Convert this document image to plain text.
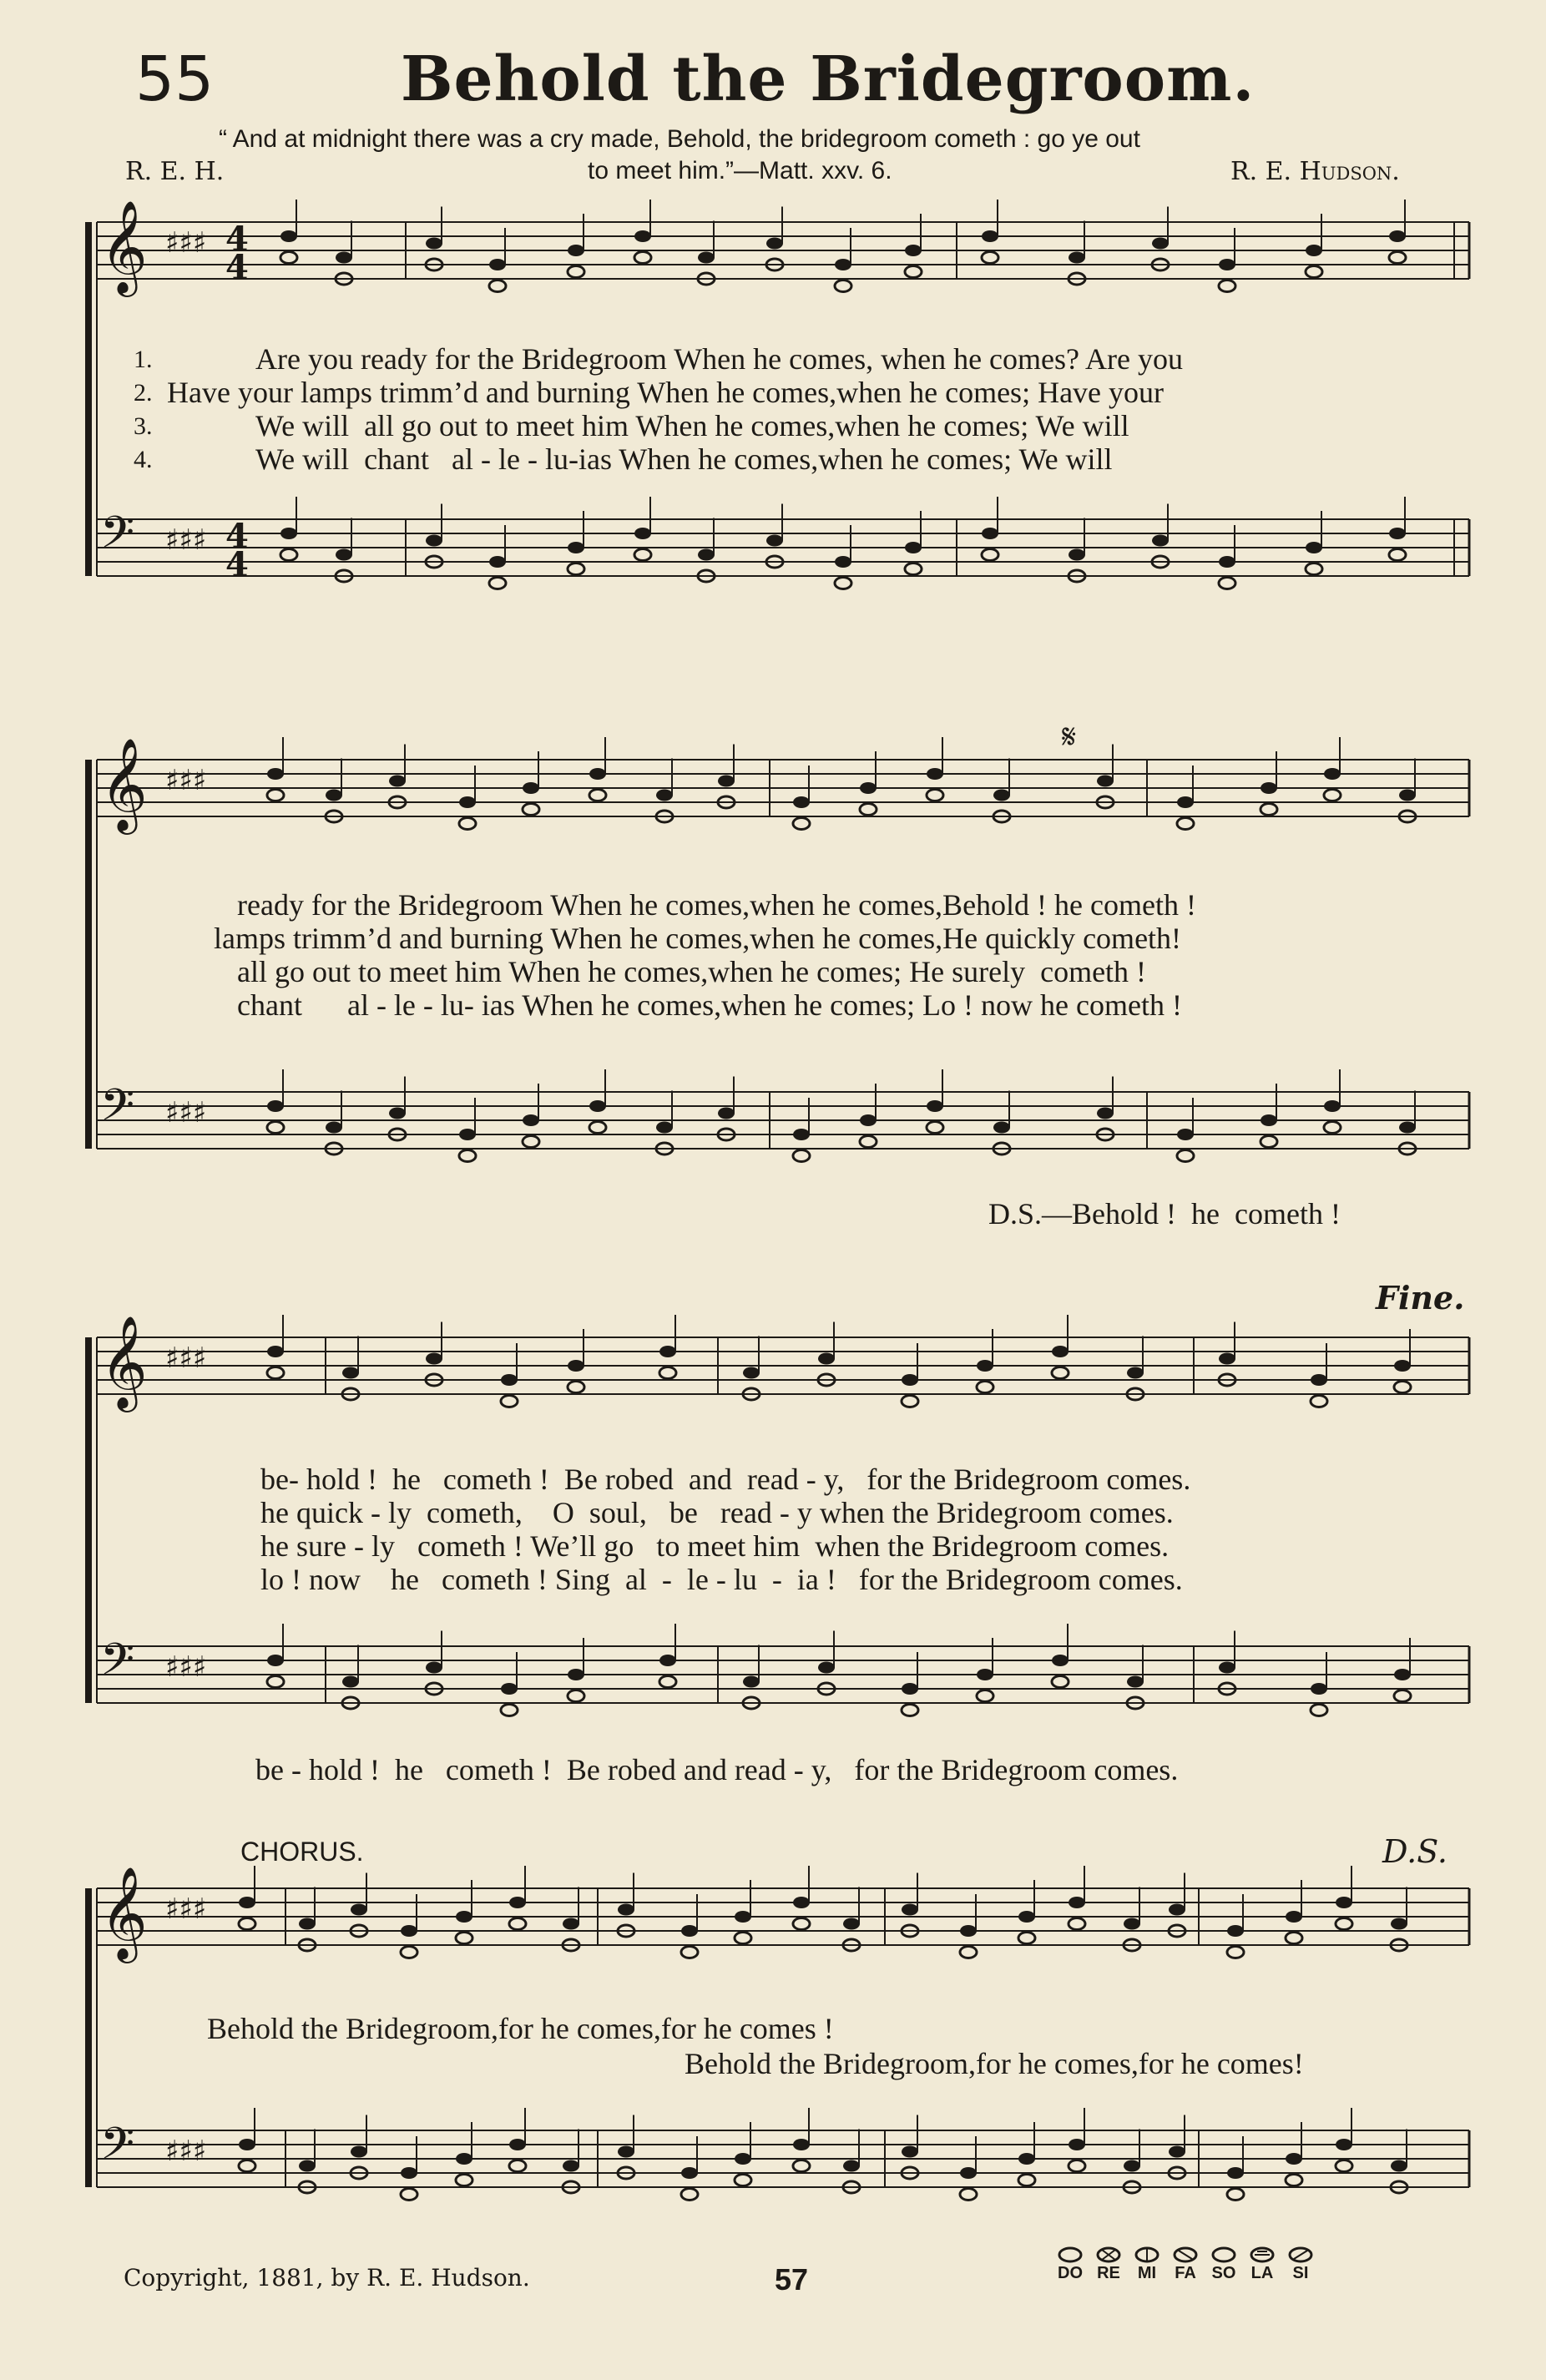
55	Behold the Bridegroom.
“ And at midnight there was a cry made, Behold, the bridegroom cometh : go ye out
R. E. H.	to meet him.”—Matt. xxv. 6.	R. E. Hudson.
𝄞 ♯♯♯
𝄢 ♯♯♯
𝄞 ♯♯♯
𝄢 ♯♯♯
𝄞 ♯♯♯
𝄢 ♯♯♯
𝄞 ♯♯♯
𝄢 ♯♯♯
4
4
4
4
𝄋
1.
2.
3.
4.
Are you ready for the Bridegroom When he comes, when he comes? Are you
Have your lamps trimm’d and burning When he comes,when he comes; Have your
We will  all go out to meet him When he comes,when he comes; We will
We will  chant   al - le - lu-ias When he comes,when he comes; We will
ready for the Bridegroom When he comes,when he comes,Behold ! he cometh !
lamps trimm’d and burning When he comes,when he comes,He quickly cometh!
all go out to meet him When he comes,when he comes; He surely  cometh !
chant      al - le - lu- ias When he comes,when he comes; Lo ! now he cometh !
D.S.—Behold !  he  cometh !
Fine.
be- hold !  he   cometh !  Be robed  and  read - y,   for the Bridegroom comes.
he quick - ly  cometh,    O  soul,   be   read - y when the Bridegroom comes.
he sure - ly   cometh ! We’ll go   to meet him  when the Bridegroom comes.
lo ! now    he   cometh ! Sing  al  -  le - lu  -  ia !   for the Bridegroom comes.
be - hold !  he   cometh !  Be robed and read - y,   for the Bridegroom comes.
CHORUS.	D.S.
Behold the Bridegroom,for he comes,for he comes !
Behold the Bridegroom,for he comes,for he comes!
Copyright, 1881, by R. E. Hudson.	57	DO RE	MI	FA SO LA	SI
